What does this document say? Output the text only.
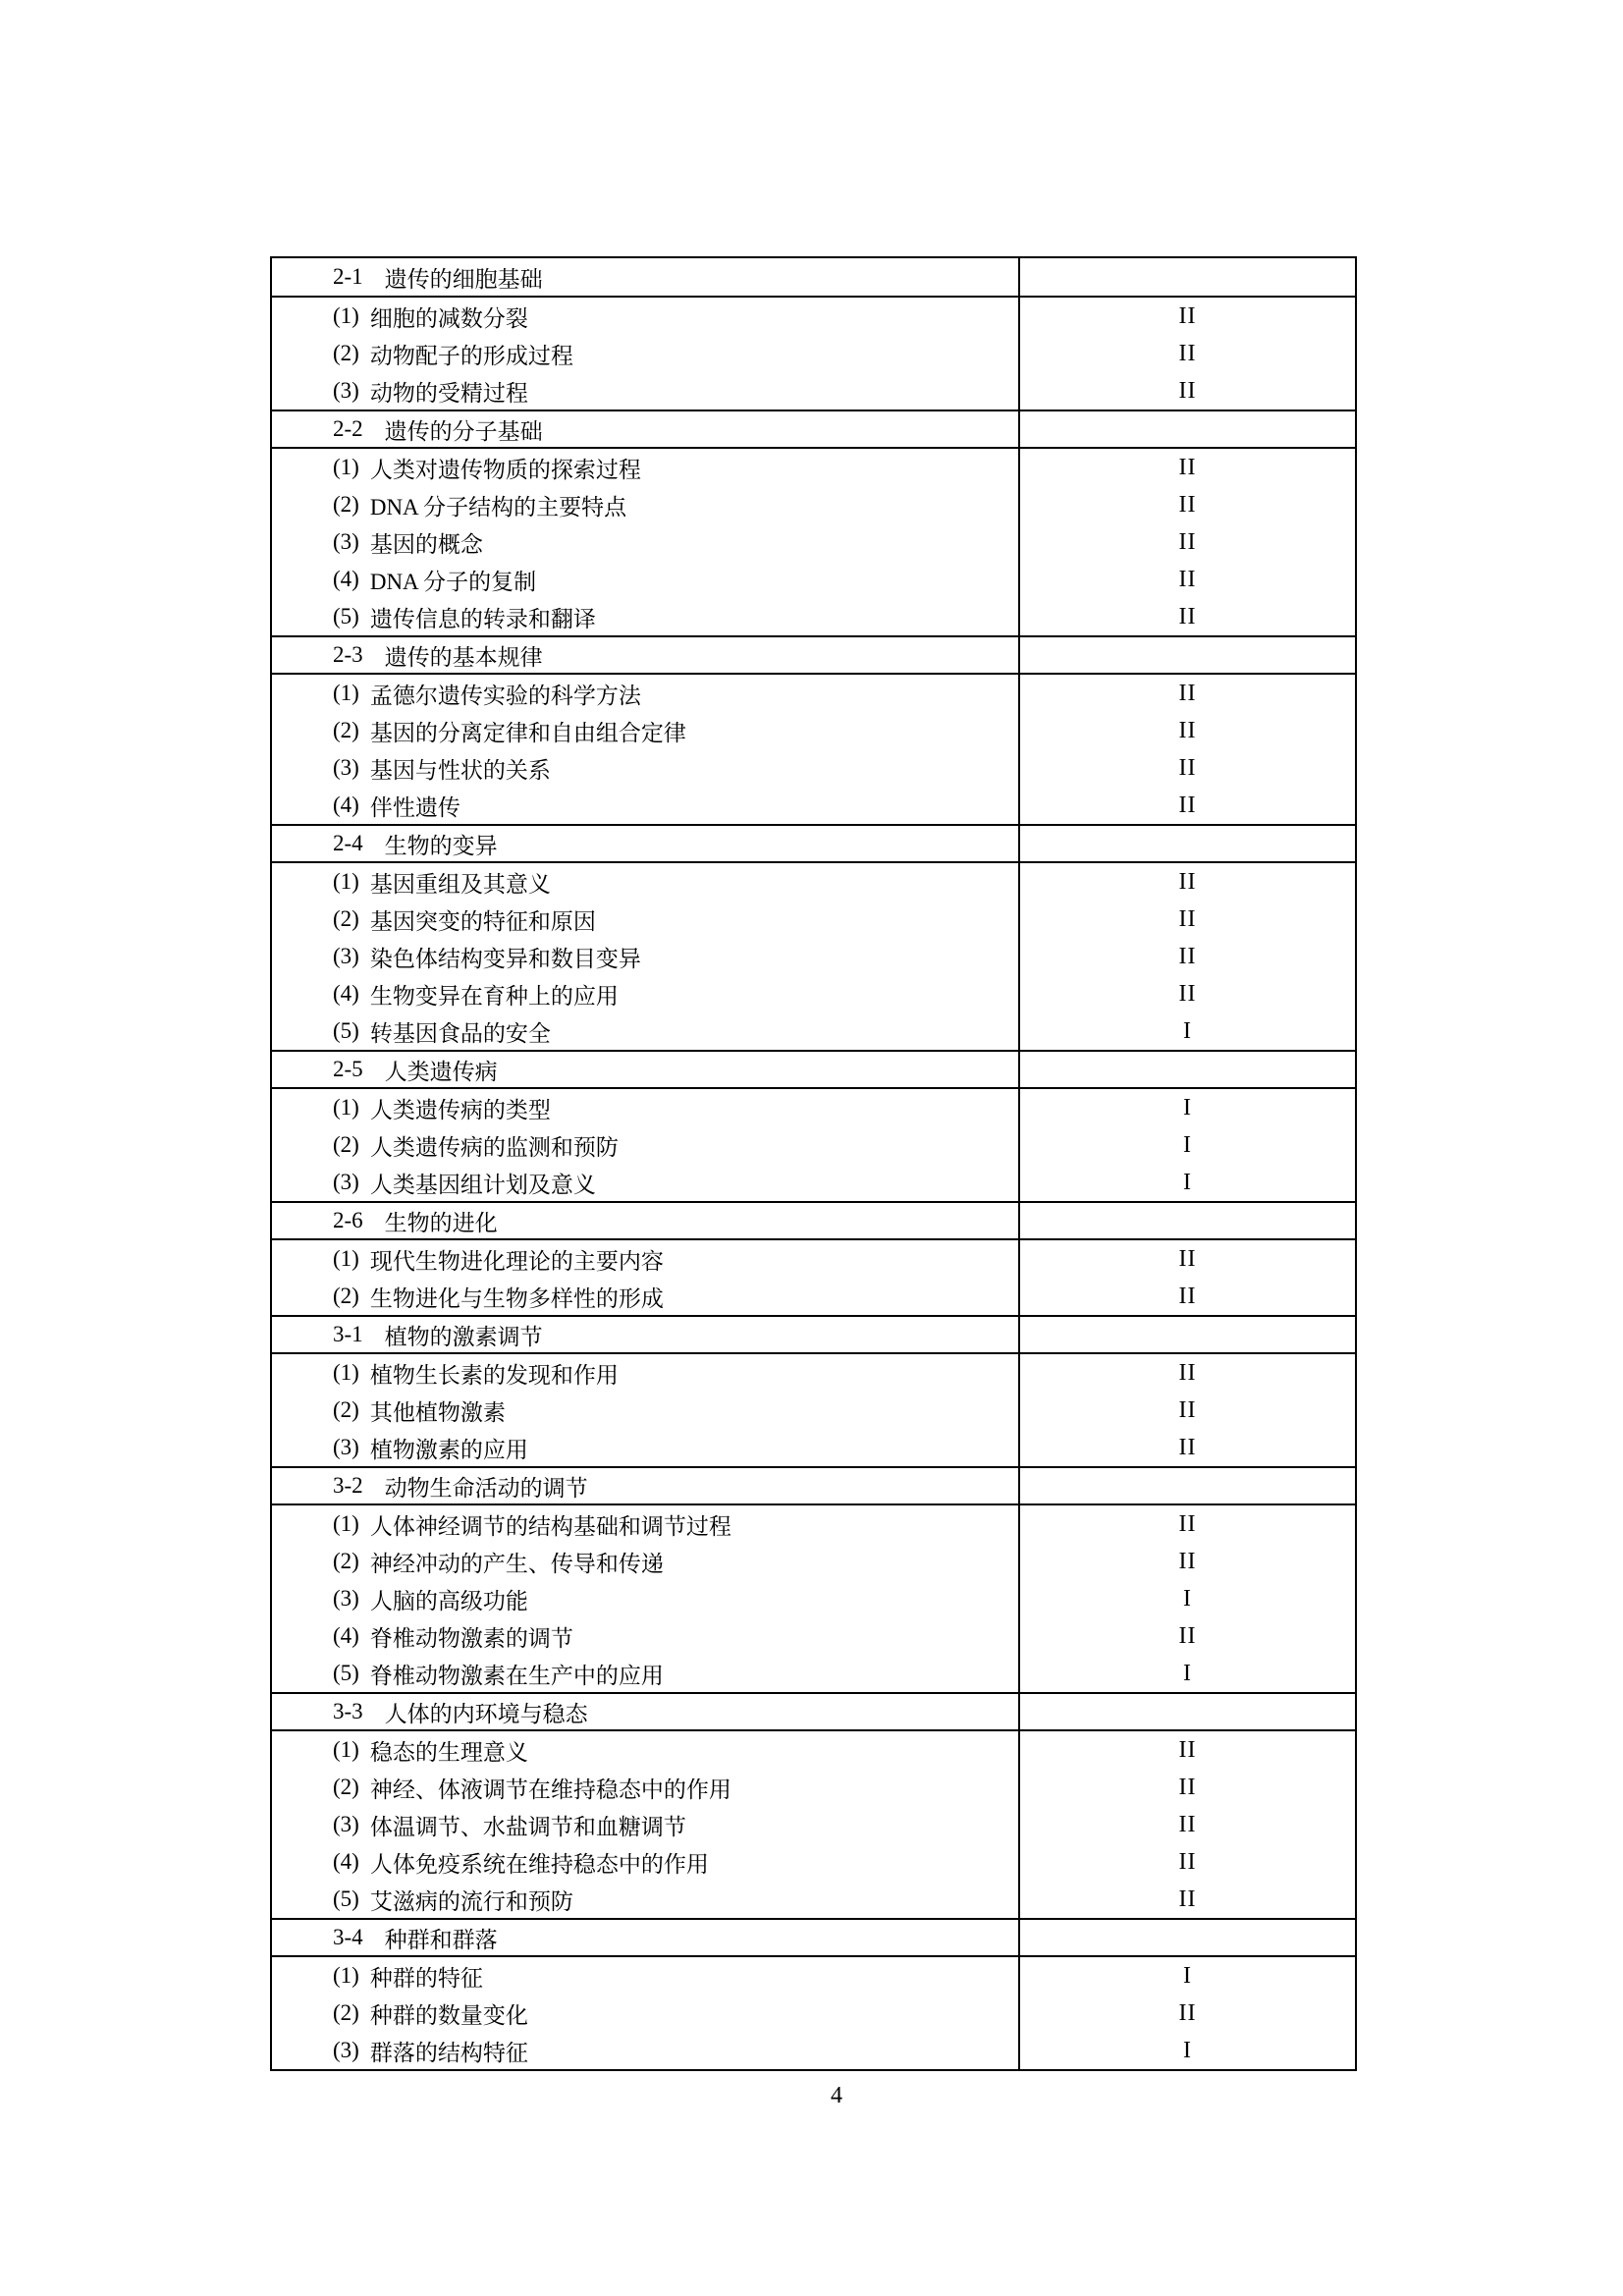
2-1 遗传的细胞基础
(1) 细胞的减数分裂	II
(2) 动物配子的形成过程	II
(3) 动物的受精过程	II
2-2 遗传的分子基础
(1) 人类对遗传物质的探索过程	II
(2) DNA 分子结构的主要特点	II
(3) 基因的概念	II
(4) DNA 分子的复制	II
(5) 遗传信息的转录和翻译	II
2-3 遗传的基本规律
(1) 孟德尔遗传实验的科学方法	II
(2) 基因的分离定律和自由组合定律	II
(3) 基因与性状的关系	II
(4) 伴性遗传	II
2-4 生物的变异
(1) 基因重组及其意义	II
(2) 基因突变的特征和原因	II
(3) 染色体结构变异和数目变异	II
(4) 生物变异在育种上的应用	II
(5) 转基因食品的安全	I
2-5 人类遗传病
(1) 人类遗传病的类型	I
(2) 人类遗传病的监测和预防	I
(3) 人类基因组计划及意义	I
2-6 生物的进化
(1) 现代生物进化理论的主要内容	II
(2) 生物进化与生物多样性的形成	II
3-1 植物的激素调节
(1) 植物生长素的发现和作用	II
(2) 其他植物激素	II
(3) 植物激素的应用	II
3-2 动物生命活动的调节
(1) 人体神经调节的结构基础和调节过程	II
(2) 神经冲动的产生、传导和传递	II
(3) 人脑的高级功能	I
(4) 脊椎动物激素的调节	II
(5) 脊椎动物激素在生产中的应用	I
3-3 人体的内环境与稳态
(1) 稳态的生理意义	II
(2) 神经、体液调节在维持稳态中的作用	II
(3) 体温调节、水盐调节和血糖调节	II
(4) 人体免疫系统在维持稳态中的作用	II
(5) 艾滋病的流行和预防	II
3-4 种群和群落
(1) 种群的特征	I
(2) 种群的数量变化	II
(3) 群落的结构特征	I
4
